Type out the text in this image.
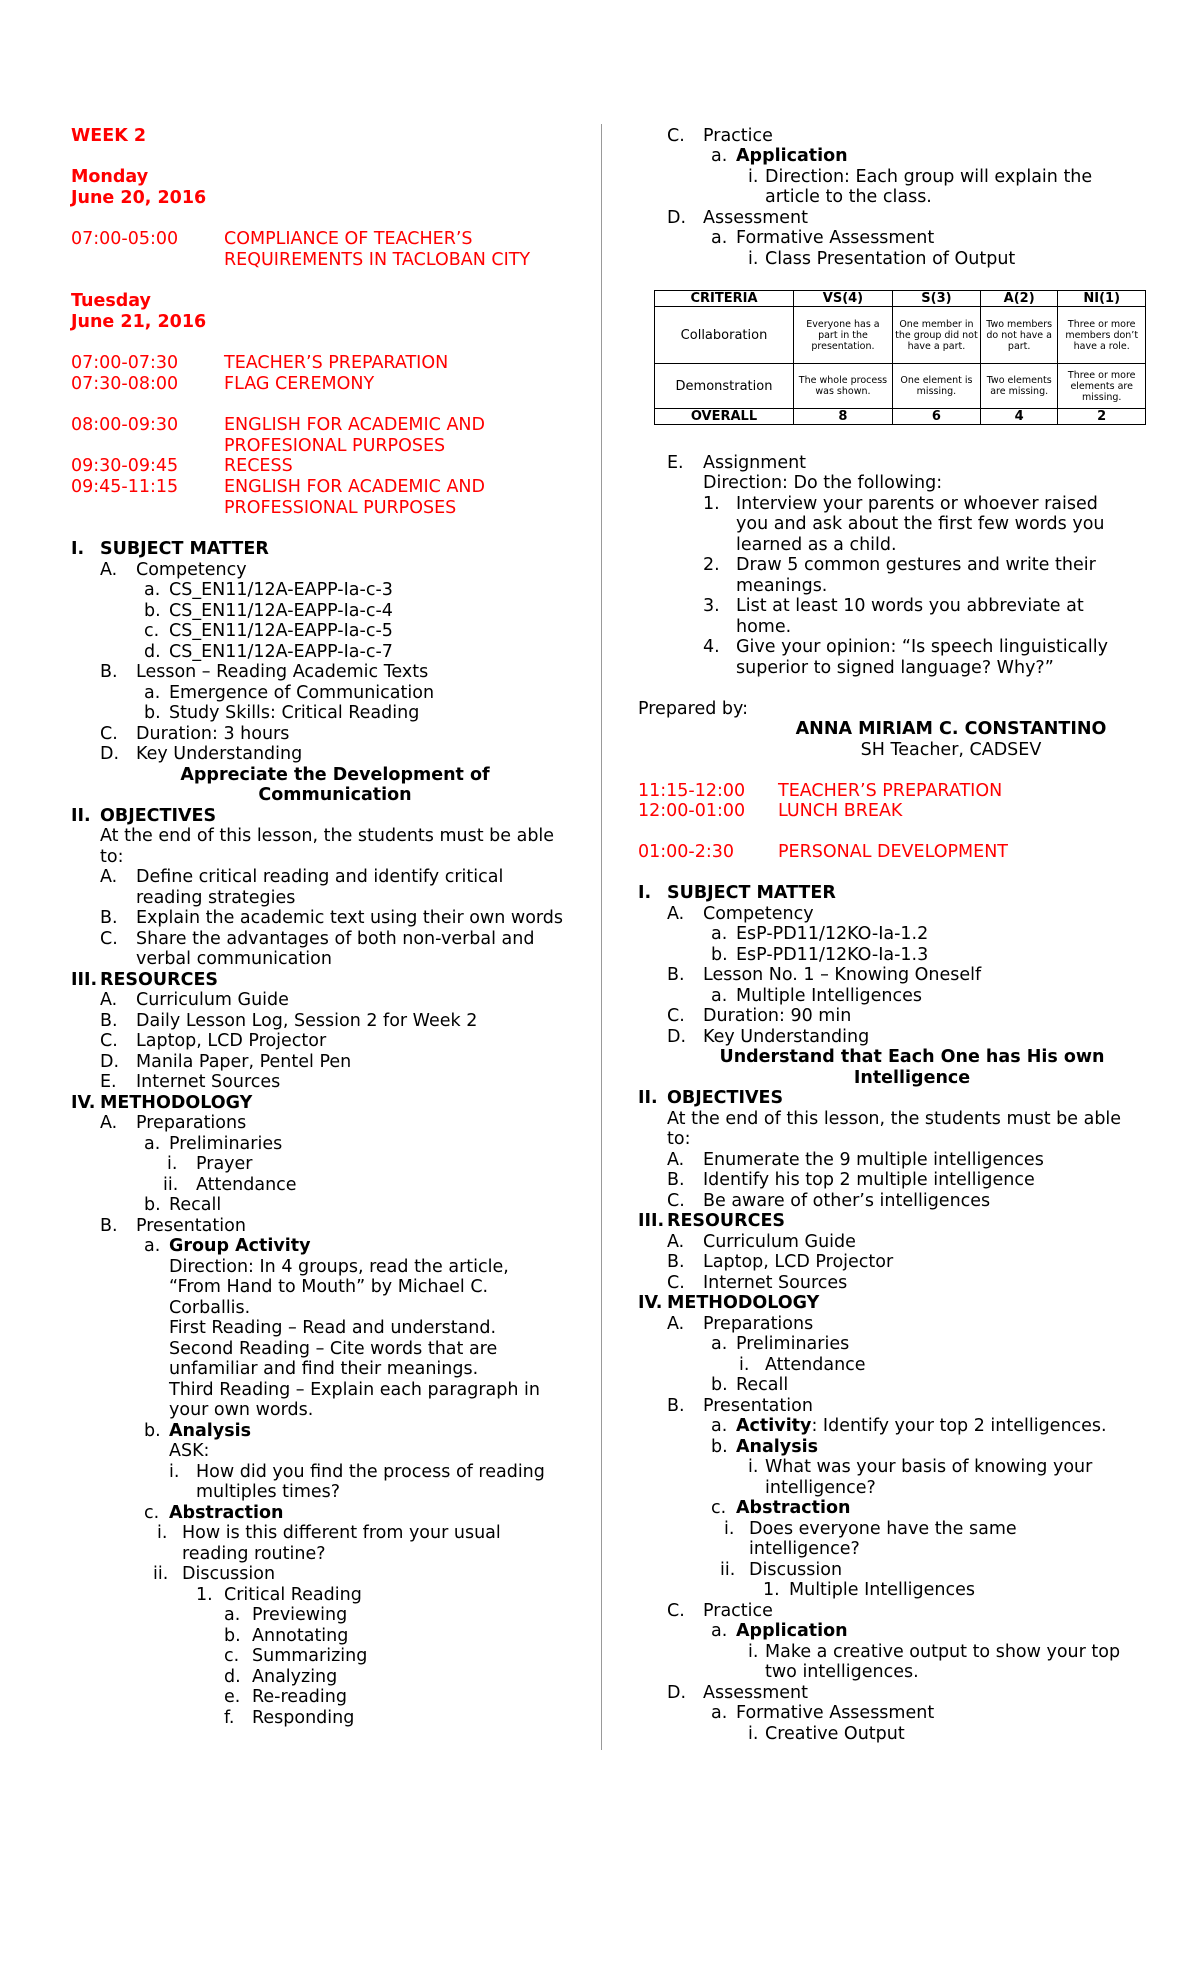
WEEK 2
Monday
June 20, 2016
07:00-05:00	COMPLIANCE OF TEACHER’S
REQUIREMENTS IN TACLOBAN CITY
Tuesday
June 21, 2016
07:00-07:30	TEACHER’S PREPARATION
07:30-08:00	FLAG CEREMONY
08:00-09:30	ENGLISH FOR ACADEMIC AND
PROFESIONAL PURPOSES
09:30-09:45	RECESS
09:45-11:15	ENGLISH FOR ACADEMIC AND
PROFESSIONAL PURPOSES
I. SUBJECT MATTER
A. Competency
a. CS_EN11/12A-EAPP-Ia-c-3
b. CS_EN11/12A-EAPP-Ia-c-4
c. CS_EN11/12A-EAPP-Ia-c-5
d. CS_EN11/12A-EAPP-Ia-c-7
B. Lesson – Reading Academic Texts
a. Emergence of Communication
b. Study Skills: Critical Reading
C. Duration: 3 hours
D. Key Understanding
Appreciate the Development of
Communication
II. OBJECTIVES
At the end of this lesson, the students must be able
to:
A. Define critical reading and identify critical
reading strategies
B. Explain the academic text using their own words
C. Share the advantages of both non-verbal and
verbal communication
III. RESOURCES
A. Curriculum Guide
B. Daily Lesson Log, Session 2 for Week 2
C. Laptop, LCD Projector
D. Manila Paper, Pentel Pen
E. Internet Sources
IV. METHODOLOGY
A. Preparations
a. Preliminaries
i. Prayer
ii. Attendance
b. Recall
B. Presentation
a. Group Activity
Direction: In 4 groups, read the article,
“From Hand to Mouth” by Michael C.
Corballis.
First Reading – Read and understand.
Second Reading – Cite words that are
unfamiliar and find their meanings.
Third Reading – Explain each paragraph in
your own words.
b. Analysis
ASK:
i. How did you find the process of reading
multiples times?
c. Abstraction
i. How is this different from your usual
reading routine?
ii. Discussion
1. Critical Reading
a. Previewing
b. Annotating
c. Summarizing
d. Analyzing
e. Re-reading
f. Responding
C. Practice
a. Application
i. Direction: Each group will explain the
article to the class.
D. Assessment
a. Formative Assessment
i. Class Presentation of Output
CRITERIA	VS(4)	S(3)	A(2)	NI(1)
Collaboration	Everyone has a part in the presentation.	One member in the group did not have a part.	Two members do not have a part.	Three or more members don’t have a role.
Demonstration	The whole process was shown.	One element is missing.	Two elements are missing.	Three or more elements are missing.
OVERALL	8	6	4	2
E. Assignment
Direction: Do the following:
1. Interview your parents or whoever raised
you and ask about the first few words you
learned as a child.
2. Draw 5 common gestures and write their
meanings.
3. List at least 10 words you abbreviate at
home.
4. Give your opinion: “Is speech linguistically
superior to signed language? Why?”
Prepared by:
ANNA MIRIAM C. CONSTANTINO
SH Teacher, CADSEV
11:15-12:00 TEACHER’S PREPARATION
12:00-01:00 LUNCH BREAK
01:00-2:30	PERSONAL DEVELOPMENT
I. SUBJECT MATTER
A. Competency
a. EsP-PD11/12KO-Ia-1.2
b. EsP-PD11/12KO-Ia-1.3
B. Lesson No. 1 – Knowing Oneself
a. Multiple Intelligences
C. Duration: 90 min
D. Key Understanding
Understand that Each One has His own
Intelligence
II. OBJECTIVES
At the end of this lesson, the students must be able
to:
A. Enumerate the 9 multiple intelligences
B. Identify his top 2 multiple intelligence
C. Be aware of other’s intelligences
III. RESOURCES
A. Curriculum Guide
B. Laptop, LCD Projector
C. Internet Sources
IV. METHODOLOGY
A. Preparations
a. Preliminaries
i. Attendance
b. Recall
B. Presentation
a. Activity: Identify your top 2 intelligences.
b. Analysis
i. What was your basis of knowing your
intelligence?
c. Abstraction
i. Does everyone have the same
intelligence?
ii. Discussion
1. Multiple Intelligences
C. Practice
a. Application
i. Make a creative output to show your top
two intelligences.
D. Assessment
a. Formative Assessment
i. Creative Output
